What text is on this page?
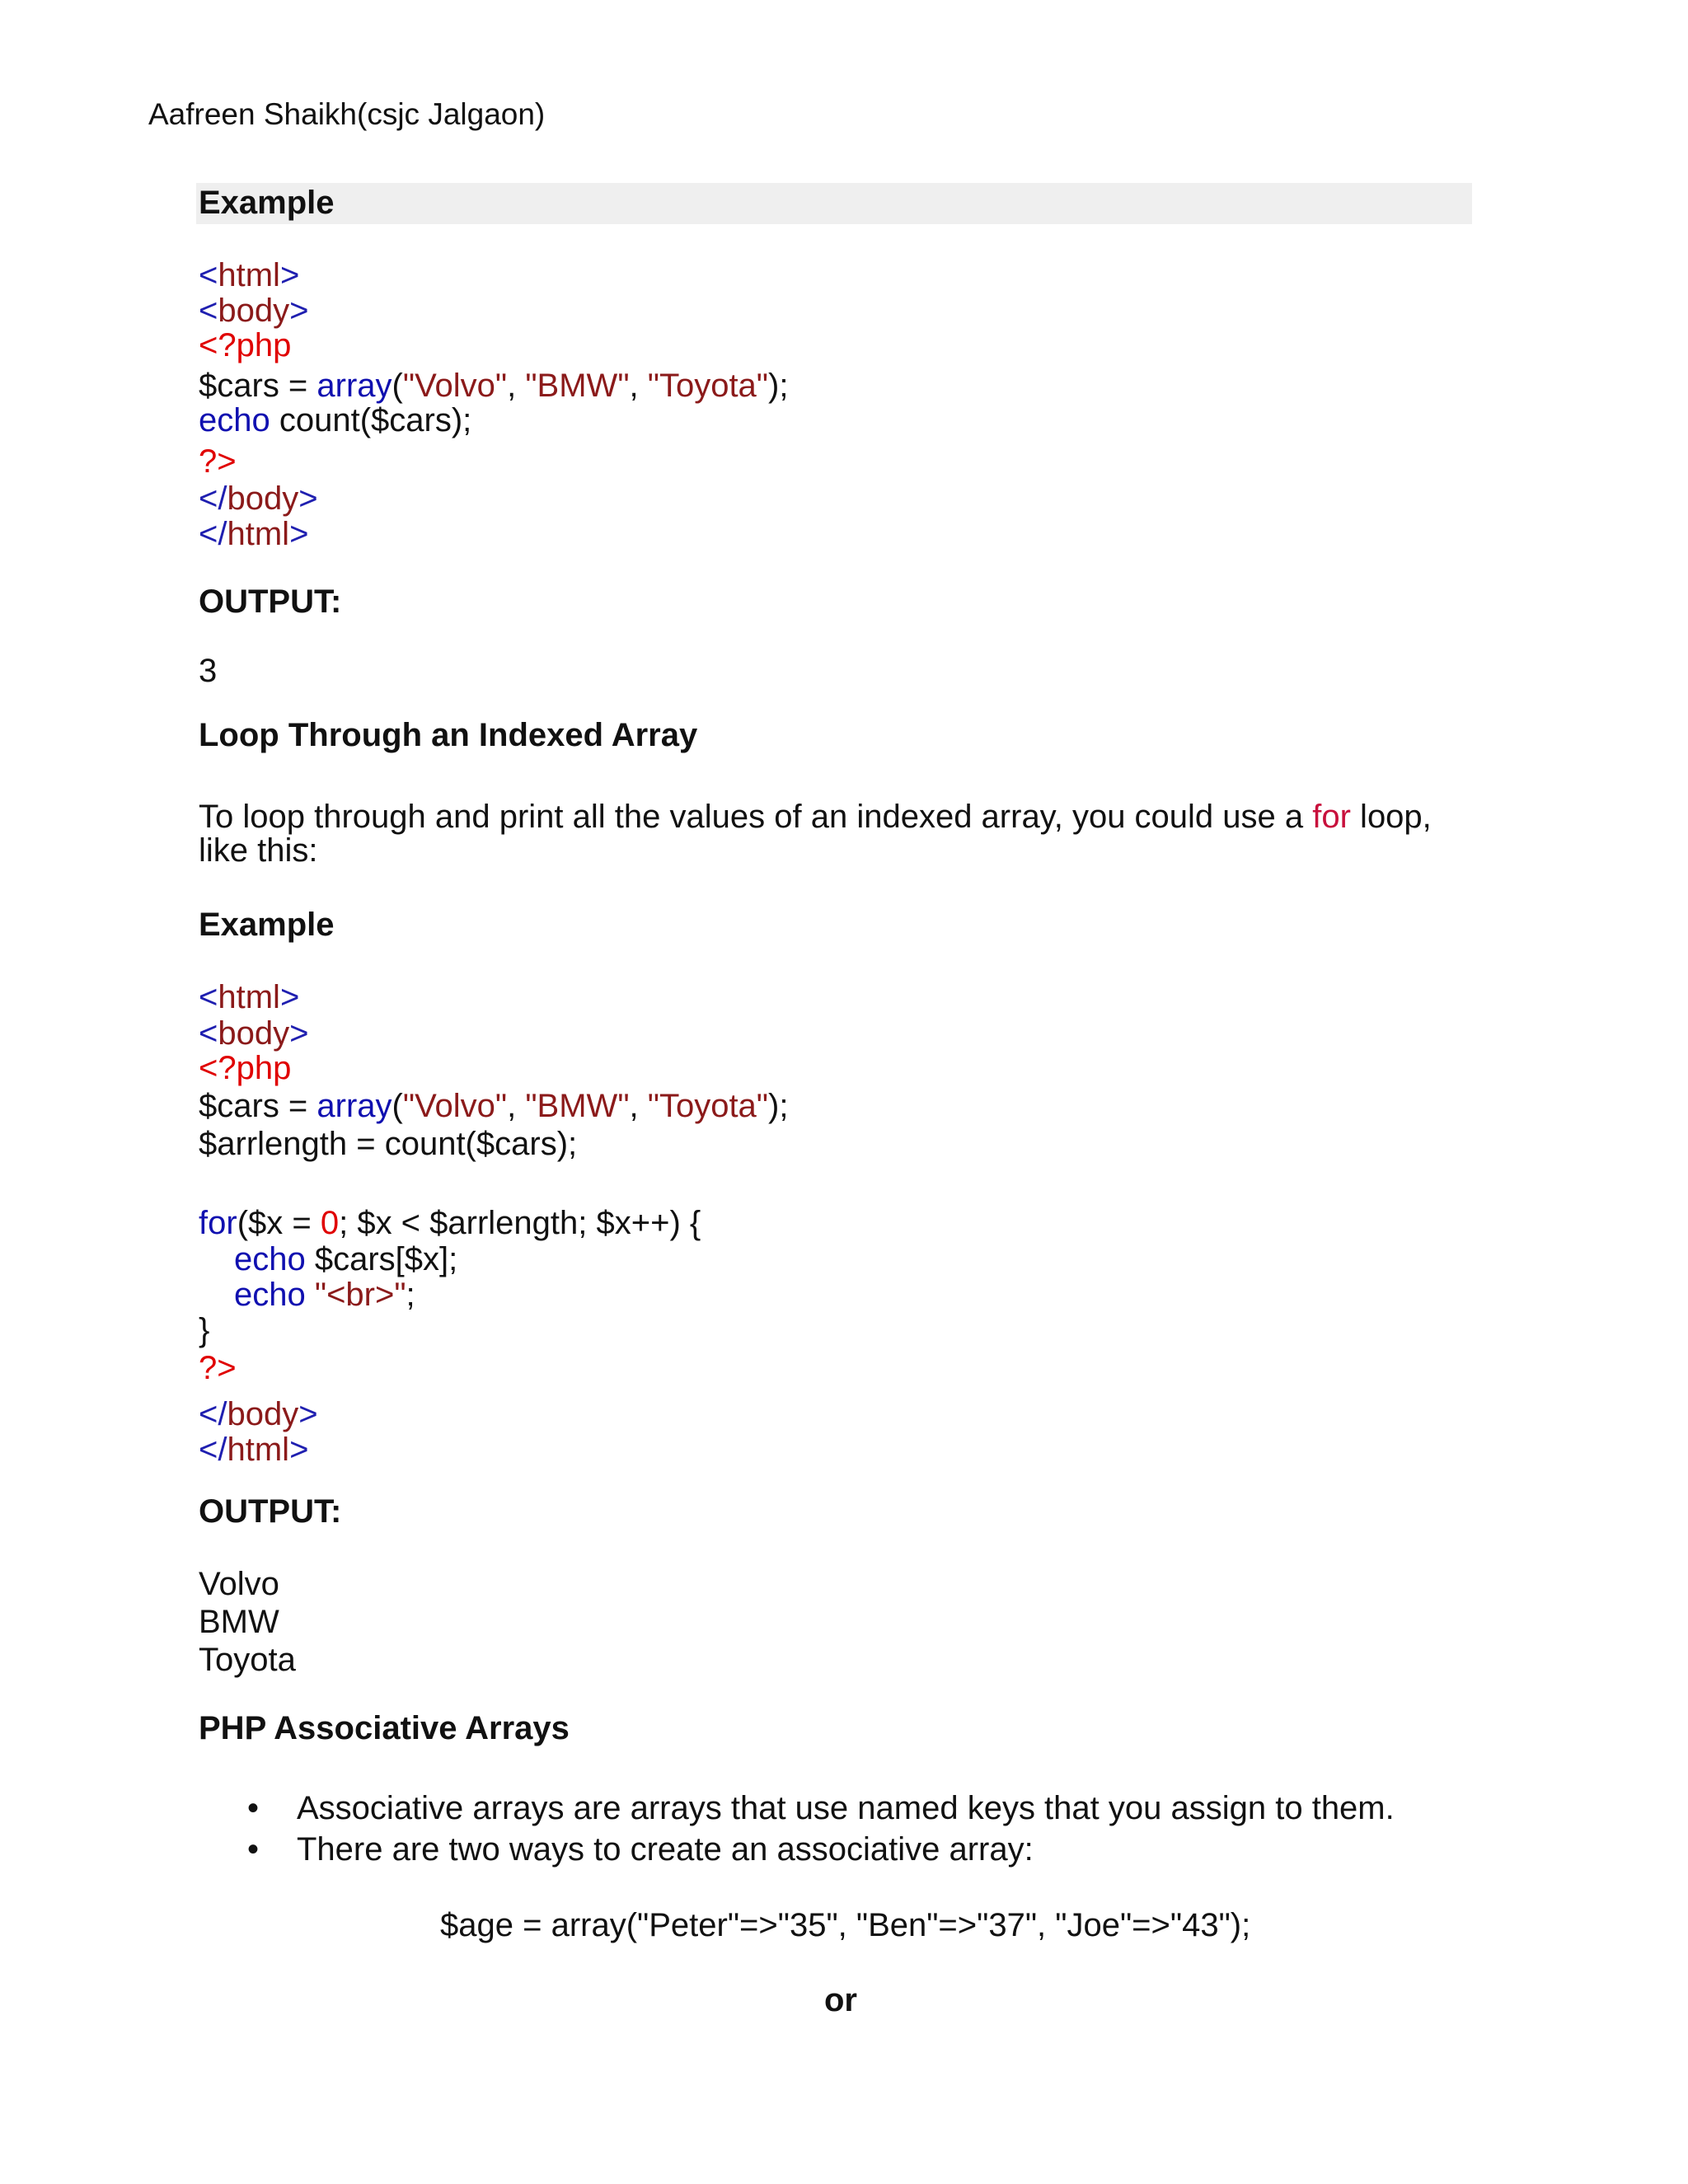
Aafreen Shaikh(csjc Jalgaon)
Example
<html>
<body>
<?php
$cars = array("Volvo", "BMW", "Toyota");
echo count($cars);
?>
</body>
</html>
OUTPUT:
3
Loop Through an Indexed Array
To loop through and print all the values of an indexed array, you could use a for loop,
like this:
Example
<html>
<body>
<?php
$cars = array("Volvo", "BMW", "Toyota");
$arrlength = count($cars);
for($x = 0; $x < $arrlength; $x++) {
echo $cars[$x];
echo "<br>";
}
?>
</body>
</html>
OUTPUT:
Volvo
BMW
Toyota
PHP Associative Arrays
• Associative arrays are arrays that use named keys that you assign to them.
• There are two ways to create an associative array:
$age = array("Peter"=>"35", "Ben"=>"37", "Joe"=>"43");
or
